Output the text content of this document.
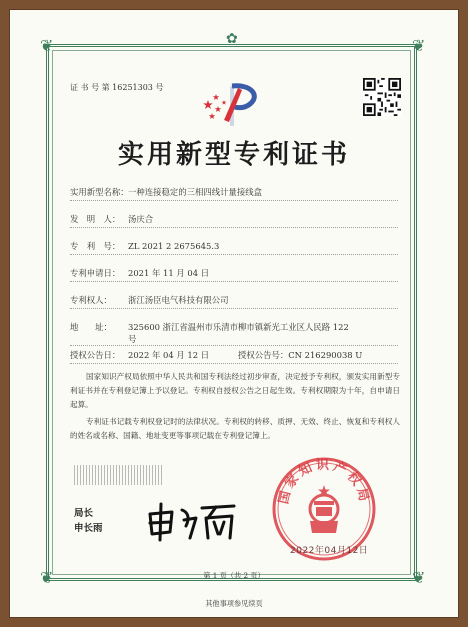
❦	❦
❦	❦
✿
证 书 号 第 16251303 号
实用新型专利证书
实用新型名称：一种连接稳定的三相四线计量接线盒
发　明　人： 汤庆合
专　利　号： ZL 2021 2 2675645.3
专利申请日： 2021 年 11 月 04 日
专利权人： 浙江汤臣电气科技有限公司
地　　址： 325600 浙江省温州市乐清市柳市镇新光工业区人民路 122
号
授权公告日： 2022 年 04 月 12 日	授权公告号：CN 216290038 U
国家知识产权局依照中华人民共和国专利法经过初步审查，决定授予专利权，颁发实用新型专利证书并在专利登记簿上予以登记。专利权自授权公告之日起生效。专利权期限为十年，自申请日起算。
专利证书记载专利权登记时的法律状况。专利权的转移、质押、无效、终止、恢复和专利权人的姓名或名称、国籍、地址变更等事项记载在专利登记簿上。
局长
申长雨
国家知识产权局
2022年04月12日
第 1 页（共 2 页）
其他事项参见续页
